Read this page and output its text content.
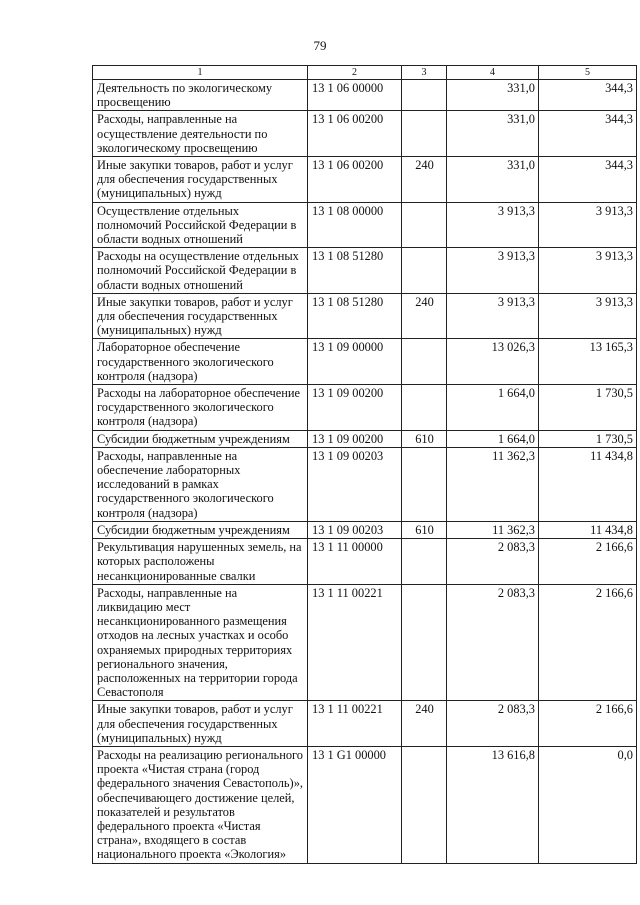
79
1	2	3	4	5
Деятельность по экологическому просвещению	13 1 06 00000		331,0	344,3
Расходы, направленные на осуществление деятельности по экологическому просвещению	13 1 06 00200		331,0	344,3
Иные закупки товаров, работ и услуг для обеспечения государственных (муниципальных) нужд	13 1 06 00200	240	331,0	344,3
Осуществление отдельных полномочий Российской Федерации в области водных отношений	13 1 08 00000		3 913,3	3 913,3
Расходы на осуществление отдельных полномочий Российской Федерации в области водных отношений	13 1 08 51280		3 913,3	3 913,3
Иные закупки товаров, работ и услуг для обеспечения государственных (муниципальных) нужд	13 1 08 51280	240	3 913,3	3 913,3
Лабораторное обеспечение государственного экологического контроля (надзора)	13 1 09 00000		13 026,3	13 165,3
Расходы на лабораторное обеспечение государственного экологического контроля (надзора)	13 1 09 00200		1 664,0	1 730,5
Субсидии бюджетным учреждениям	13 1 09 00200	610	1 664,0	1 730,5
Расходы, направленные на обеспечение лабораторных исследований в рамках государственного экологического контроля (надзора)	13 1 09 00203		11 362,3	11 434,8
Субсидии бюджетным учреждениям	13 1 09 00203	610	11 362,3	11 434,8
Рекультивация нарушенных земель, на которых расположены несанкционированные свалки	13 1 11 00000		2 083,3	2 166,6
Расходы, направленные на ликвидацию мест несанкционированного размещения отходов на лесных участках и особо охраняемых природных территориях регионального значения, расположенных на территории города Севастополя	13 1 11 00221		2 083,3	2 166,6
Иные закупки товаров, работ и услуг для обеспечения государственных (муниципальных) нужд	13 1 11 00221	240	2 083,3	2 166,6
Расходы на реализацию регионального проекта «Чистая страна (город федерального значения Севастополь)», обеспечивающего достижение целей, показателей и результатов федерального проекта «Чистая страна», входящего в состав национального проекта «Экология»	13 1 G1 00000		13 616,8	0,0
